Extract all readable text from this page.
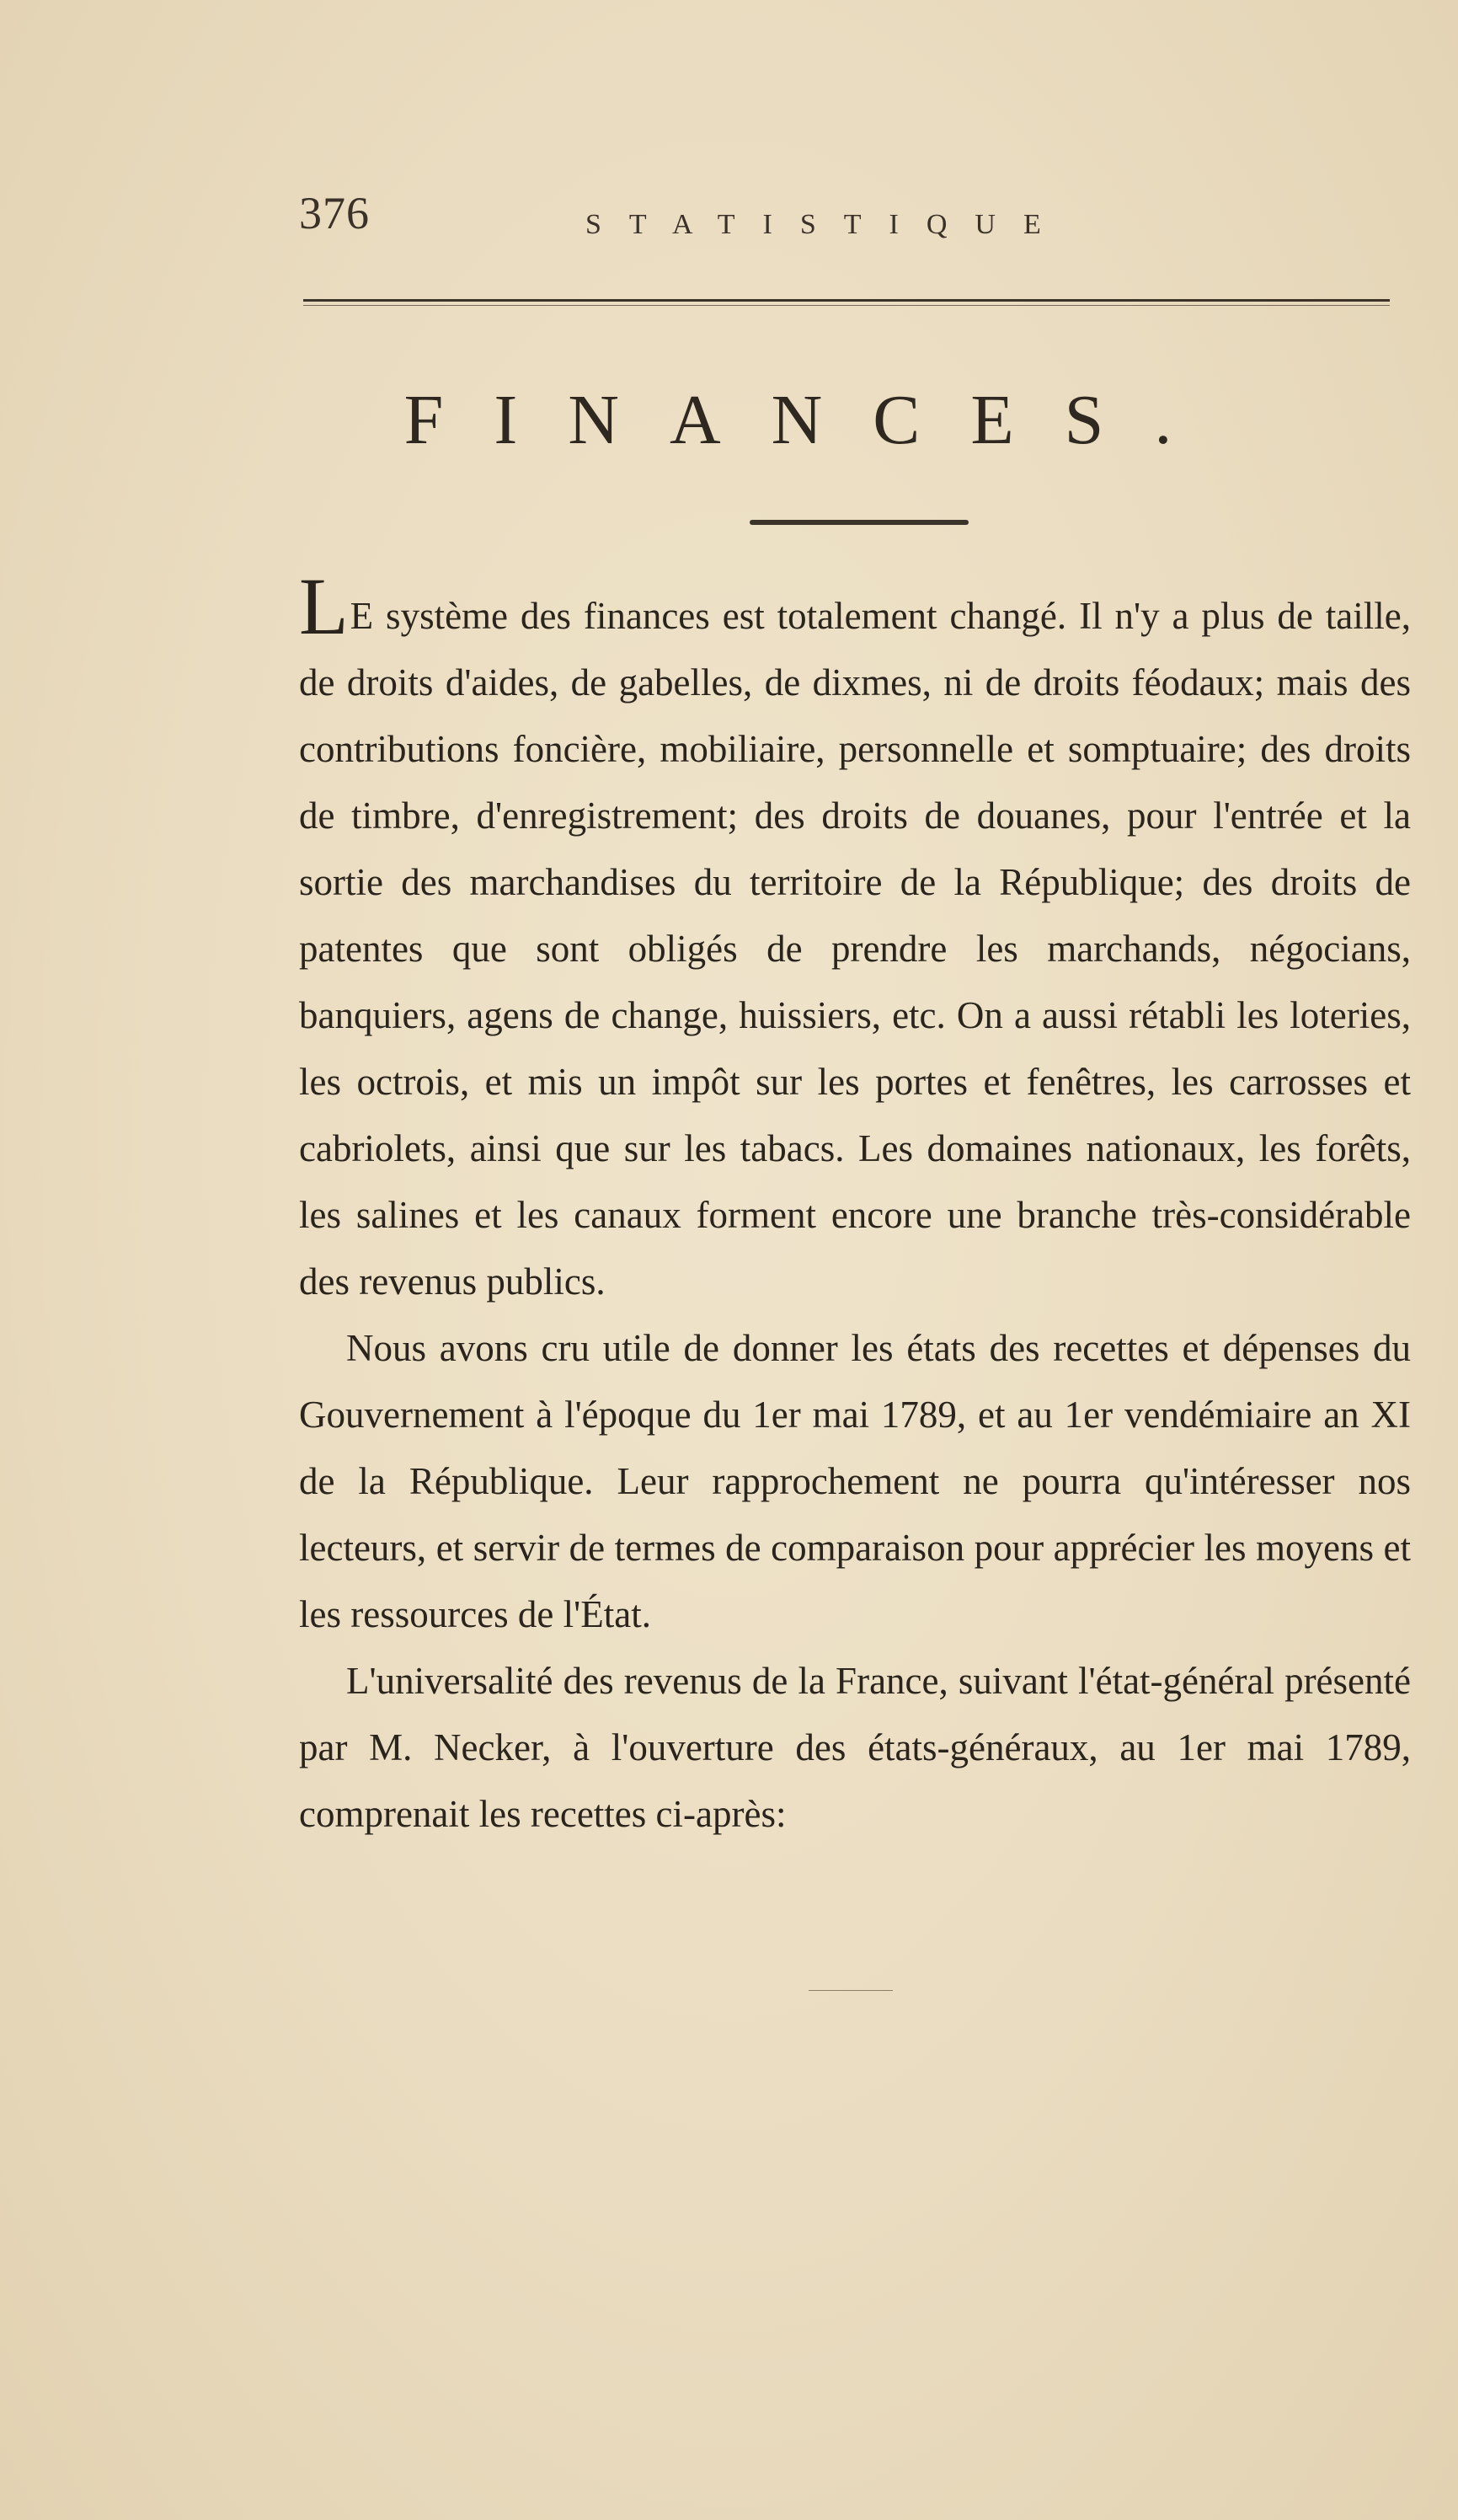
376	STATISTIQUE
FINANCES.

LE système des finances est totalement changé. Il n'y a plus de taille, de droits d'aides, de gabelles, de dixmes, ni de droits féodaux; mais des contributions foncière, mobiliaire, personnelle et somptuaire; des droits de timbre, d'enregistrement; des droits de douanes, pour l'entrée et la sortie des marchandises du territoire de la République; des droits de patentes que sont obligés de prendre les marchands, négocians, banquiers, agens de change, huissiers, etc. On a aussi rétabli les loteries, les octrois, et mis un impôt sur les portes et fenêtres, les carrosses et cabriolets, ainsi que sur les tabacs. Les domaines nationaux, les forêts, les salines et les canaux forment encore une branche très-considérable des revenus publics.

Nous avons cru utile de donner les états des recettes et dépenses du Gouvernement à l'époque du 1er mai 1789, et au 1er vendémiaire an XI de la République. Leur rapprochement ne pourra qu'intéresser nos lecteurs, et servir de termes de comparaison pour apprécier les moyens et les ressources de l'État.

L'universalité des revenus de la France, suivant l'état-général présenté par M. Necker, à l'ouverture des états-généraux, au 1er mai 1789, comprenait les recettes ci-après:
